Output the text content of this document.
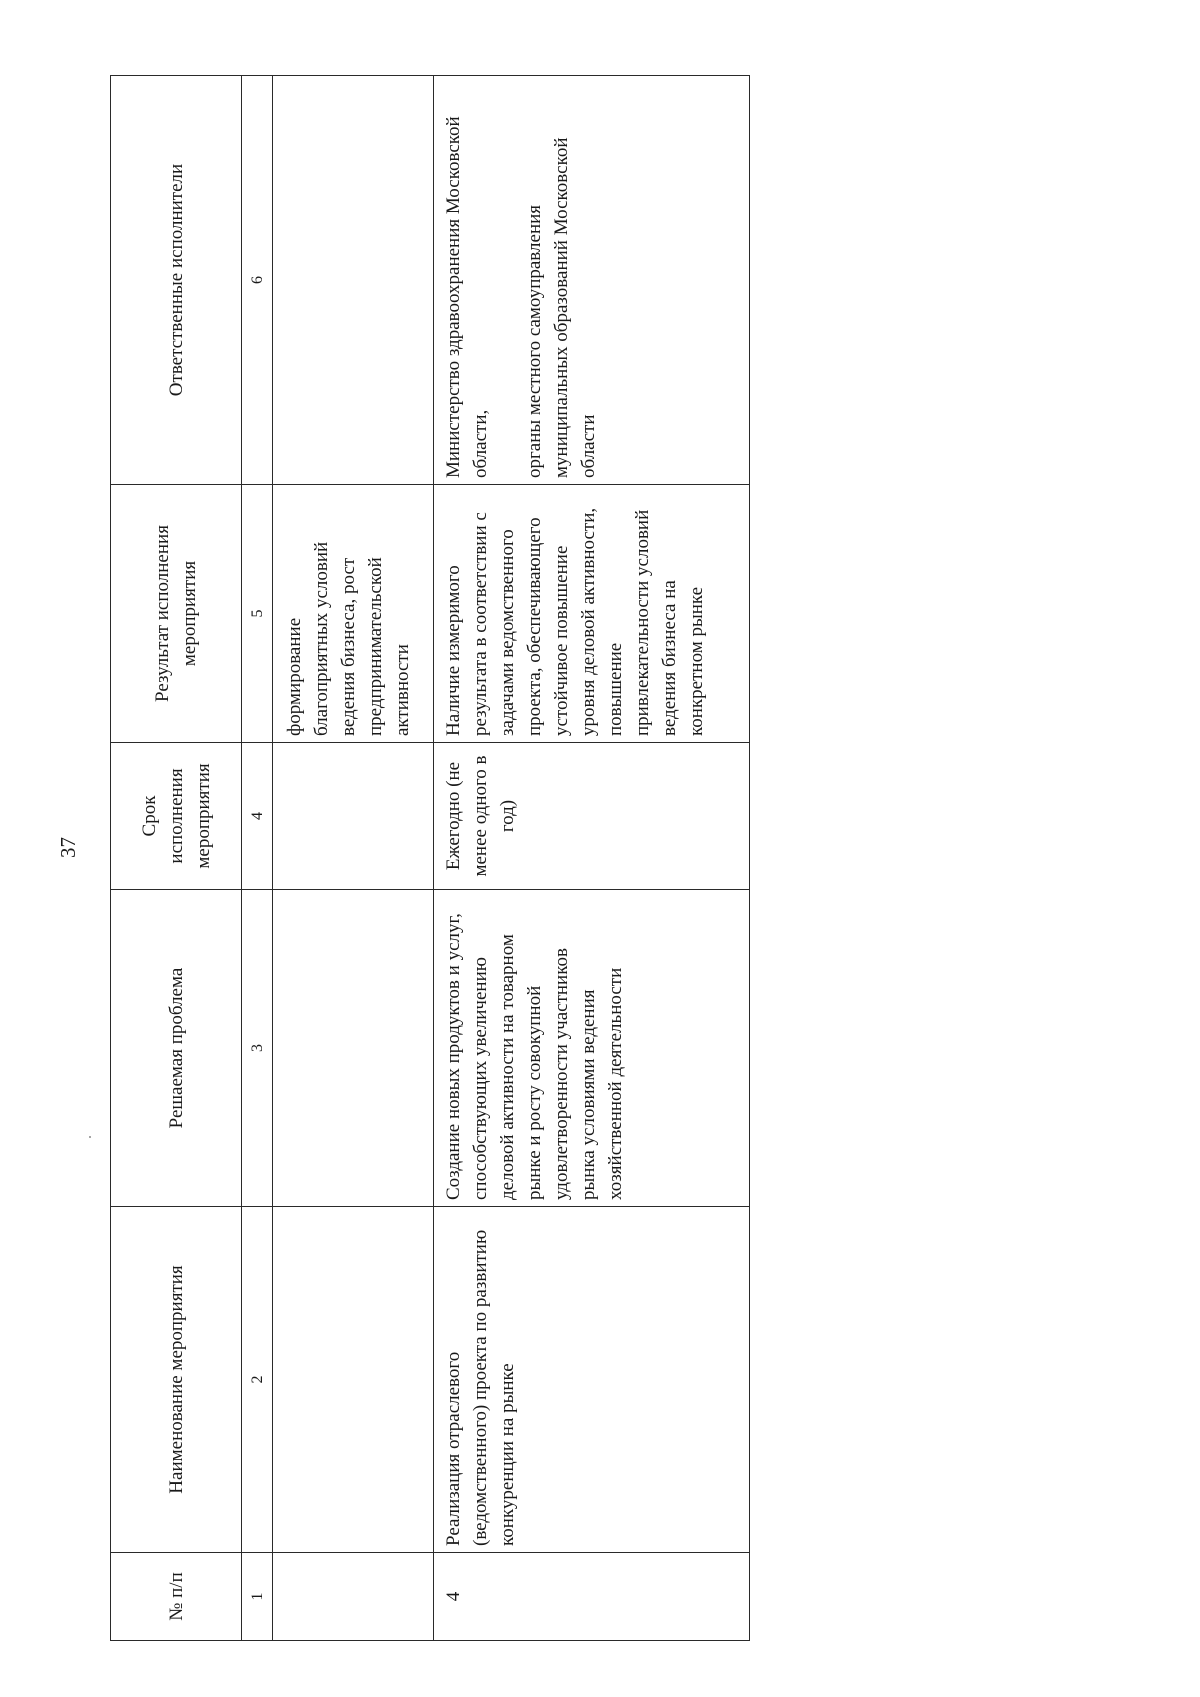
37
№ п/п	Наименование мероприятия	Решаемая проблема	Срок исполнения мероприятия	Результат исполнения мероприятия	Ответственные исполнители
1	2	3	4	5	6
				формирование благоприятных условий ведения бизнеса, рост предпринимательской активности	
4	Реализация отраслевого (ведомственного) проекта по развитию конкуренции на рынке	Создание новых продуктов и услуг, способствующих увеличению деловой активности на товарном рынке и росту совокупной удовлетворенности участников рынка условиями ведения хозяйственной деятельности	Ежегодно (не менее одного в год)	Наличие измеримого результата в соответствии с задачами ведомственного проекта, обеспечивающего устойчивое повышение уровня деловой активности, повышение привлекательности условий ведения бизнеса на конкретном рынке	Министерство здравоохранения Московской области, органы местного самоуправления муниципальных образований Московской области
